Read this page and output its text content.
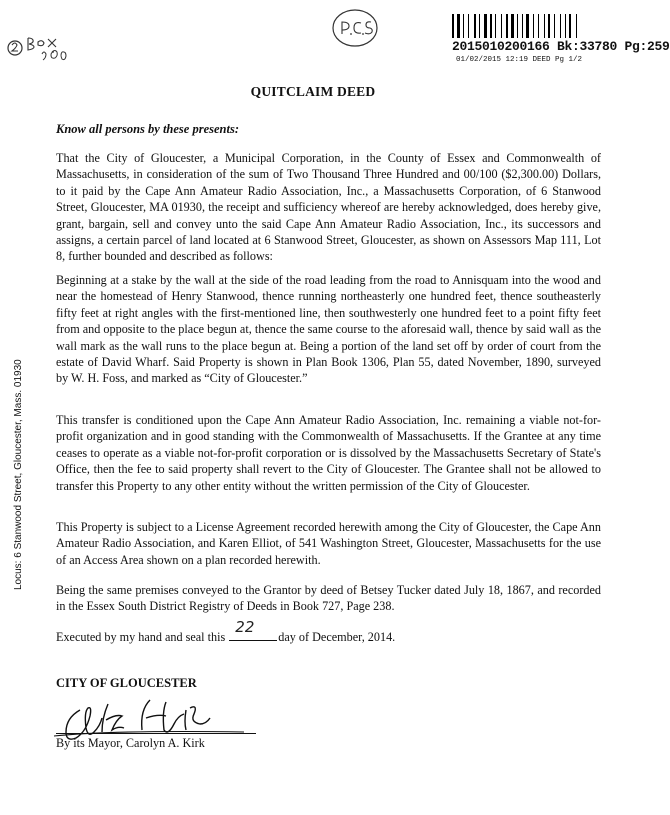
2015010200166 Bk:33780 Pg:259
01/02/2015 12:19 DEED Pg 1/2
QUITCLAIM DEED
Know all persons by these presents:
Locus: 6 Stanwood Street, Gloucester, Mass. 01930
That the City of Gloucester, a Municipal Corporation, in the County of Essex and Commonwealth of Massachusetts, in consideration of the sum of Two Thousand Three Hundred and 00/100 ($2,300.00) Dollars, to it paid by the Cape Ann Amateur Radio Association, Inc., a Massachusetts Corporation, of 6 Stanwood Street, Gloucester, MA 01930, the receipt and sufficiency whereof are hereby acknowledged, does hereby give, grant, bargain, sell and convey unto the said Cape Ann Amateur Radio Association, Inc., its successors and assigns, a certain parcel of land located at 6 Stanwood Street, Gloucester, as shown on Assessors Map 111, Lot 8, further bounded and described as follows:
Beginning at a stake by the wall at the side of the road leading from the road to Annisquam into the wood and near the homestead of Henry Stanwood, thence running northeasterly one hundred feet, thence southeasterly fifty feet at right angles with the first-mentioned line, then southwesterly one hundred feet to a point fifty feet from and opposite to the place begun at, thence the same course to the aforesaid wall, thence by said wall as the wall mark as the wall runs to the place begun at. Being a portion of the land set off by order of court from the estate of David Wharf. Said Property is shown in Plan Book 1306, Plan 55, dated November, 1890, surveyed by W. H. Foss, and marked as “City of Gloucester.”
This transfer is conditioned upon the Cape Ann Amateur Radio Association, Inc. remaining a viable not-for-profit organization and in good standing with the Commonwealth of Massachusetts. If the Grantee at any time ceases to operate as a viable not-for-profit corporation or is dissolved by the Massachusetts Secretary of State's Office, then the fee to said property shall revert to the City of Gloucester. The Grantee shall not be allowed to transfer this Property to any other entity without the written permission of the City of Gloucester.
This Property is subject to a License Agreement recorded herewith among the City of Gloucester, the Cape Ann Amateur Radio Association, and Karen Elliot, of 541 Washington Street, Gloucester, Massachusetts for the use of an Access Area shown on a plan recorded herewith.
Being the same premises conveyed to the Grantor by deed of Betsey Tucker dated July 18, 1867, and recorded in the Essex South District Registry of Deeds in Book 727, Page 238.
Executed by my hand and seal this
22
day of December, 2014.
CITY OF GLOUCESTER
By its Mayor, Carolyn A. Kirk
